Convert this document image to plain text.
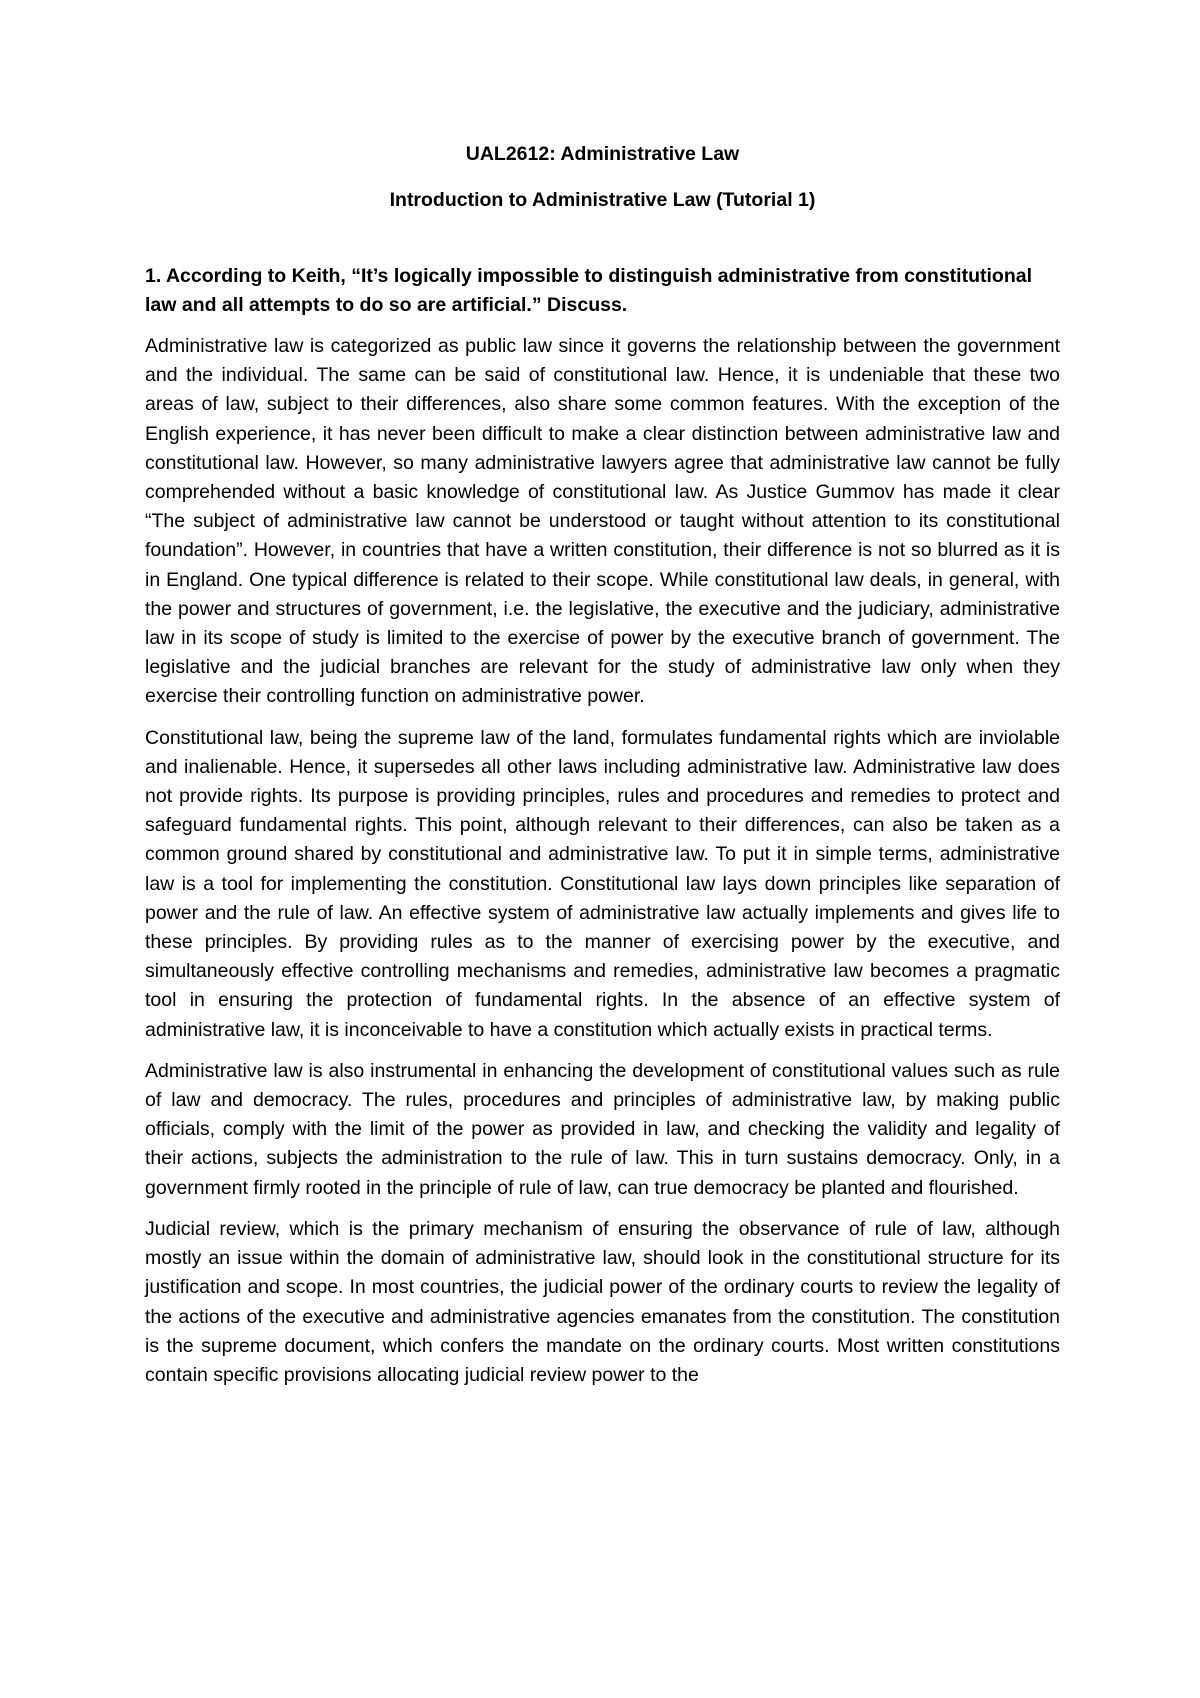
UAL2612: Administrative Law

Introduction to Administrative Law (Tutorial 1)

1. According to Keith, “It’s logically impossible to distinguish administrative from constitutional law and all attempts to do so are artificial.” Discuss.

Administrative law is categorized as public law since it governs the relationship between the government and the individual. The same can be said of constitutional law. Hence, it is undeniable that these two areas of law, subject to their differences, also share some common features. With the exception of the English experience, it has never been difficult to make a clear distinction between administrative law and constitutional law. However, so many administrative lawyers agree that administrative law cannot be fully comprehended without a basic knowledge of constitutional law. As Justice Gummov has made it clear “The subject of administrative law cannot be understood or taught without attention to its constitutional foundation”. However, in countries that have a written constitution, their difference is not so blurred as it is in England. One typical difference is related to their scope. While constitutional law deals, in general, with the power and structures of government, i.e. the legislative, the executive and the judiciary, administrative law in its scope of study is limited to the exercise of power by the executive branch of government. The legislative and the judicial branches are relevant for the study of administrative law only when they exercise their controlling function on administrative power.

Constitutional law, being the supreme law of the land, formulates fundamental rights which are inviolable and inalienable. Hence, it supersedes all other laws including administrative law. Administrative law does not provide rights. Its purpose is providing principles, rules and procedures and remedies to protect and safeguard fundamental rights. This point, although relevant to their differences, can also be taken as a common ground shared by constitutional and administrative law. To put it in simple terms, administrative law is a tool for implementing the constitution. Constitutional law lays down principles like separation of power and the rule of law. An effective system of administrative law actually implements and gives life to these principles. By providing rules as to the manner of exercising power by the executive, and simultaneously effective controlling mechanisms and remedies, administrative law becomes a pragmatic tool in ensuring the protection of fundamental rights. In the absence of an effective system of administrative law, it is inconceivable to have a constitution which actually exists in practical terms.

Administrative law is also instrumental in enhancing the development of constitutional values such as rule of law and democracy. The rules, procedures and principles of administrative law, by making public officials, comply with the limit of the power as provided in law, and checking the validity and legality of their actions, subjects the administration to the rule of law. This in turn sustains democracy. Only, in a government firmly rooted in the principle of rule of law, can true democracy be planted and flourished.

Judicial review, which is the primary mechanism of ensuring the observance of rule of law, although mostly an issue within the domain of administrative law, should look in the constitutional structure for its justification and scope. In most countries, the judicial power of the ordinary courts to review the legality of the actions of the executive and administrative agencies emanates from the constitution. The constitution is the supreme document, which confers the mandate on the ordinary courts. Most written constitutions contain specific provisions allocating judicial review power to the
